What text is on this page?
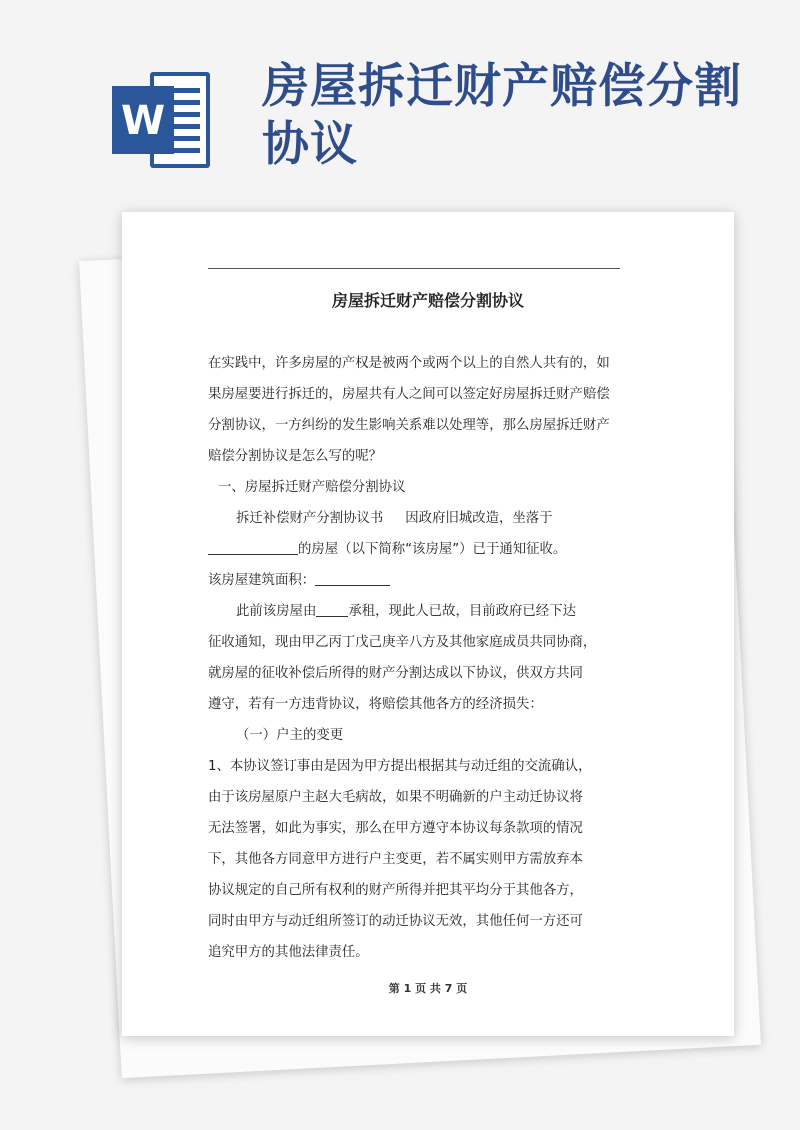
W
房屋拆迁财产赔偿分割协议
房屋拆迁财产赔偿分割协议

在实践中，许多房屋的产权是被两个或两个以上的自然人共有的，如

果房屋要进行拆迁的，房屋共有人之间可以签定好房屋拆迁财产赔偿

分割协议，一方纠纷的发生影响关系难以处理等，那么房屋拆迁财产

赔偿分割协议是怎么写的呢？

一、房屋拆迁财产赔偿分割协议

拆迁补偿财产分割协议书 因政府旧城改造，坐落于

的房屋（以下简称“该房屋”）已于通知征收。

该房屋建筑面积：

此前该房屋由 承租，现此人已故，目前政府已经下达

征收通知，现由甲乙丙丁戊己庚辛八方及其他家庭成员共同协商，

就房屋的征收补偿后所得的财产分割达成以下协议，供双方共同

遵守，若有一方违背协议，将赔偿其他各方的经济损失：

（一）户主的变更

1、本协议签订事由是因为甲方提出根据其与动迁组的交流确认，

由于该房屋原户主赵大毛病故，如果不明确新的户主动迁协议将

无法签署，如此为事实，那么在甲方遵守本协议每条款项的情况

下，其他各方同意甲方进行户主变更，若不属实则甲方需放弃本

协议规定的自己所有权利的财产所得并把其平均分于其他各方，

同时由甲方与动迁组所签订的动迁协议无效，其他任何一方还可

追究甲方的其他法律责任。

第 1 页 共 7 页
